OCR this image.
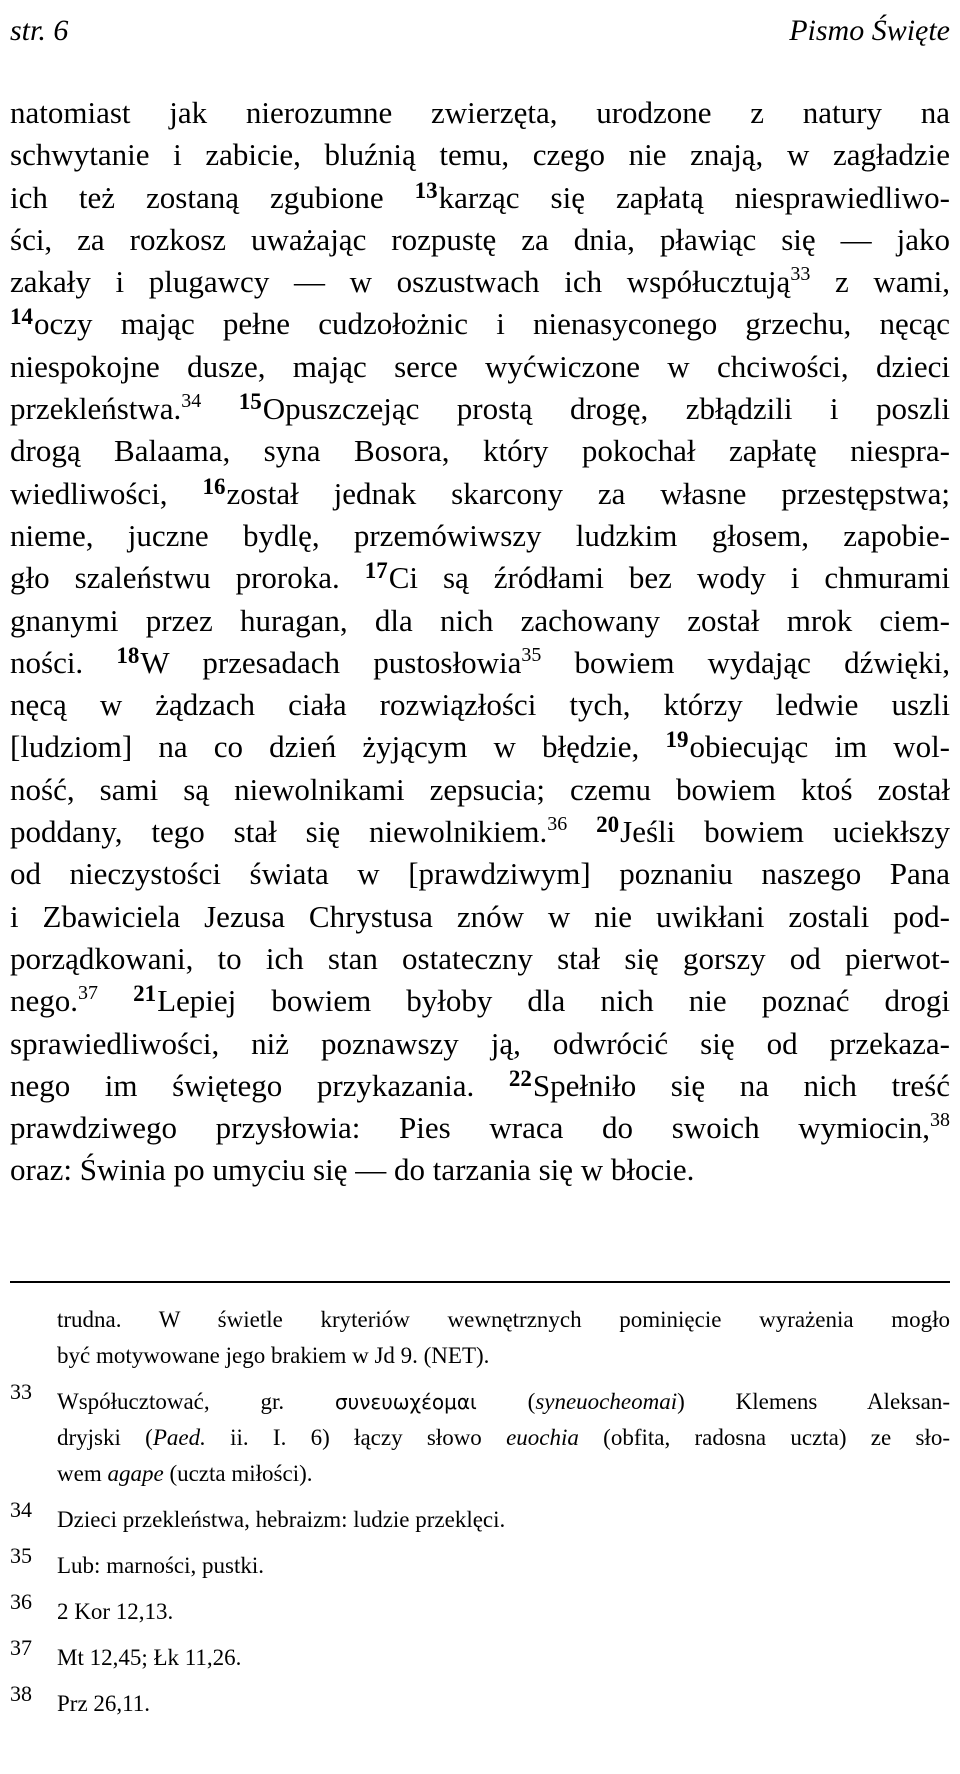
str. 6	Pismo Święte
natomiast jak nierozumne zwierzęta, urodzone z natury na
schwytanie i zabicie, bluźnią temu, czego nie znają, w zagładzie
ich też zostaną zgubione $^{13}$karząc się zapłatą niesprawiedliwo-
ści, za rozkosz uważając rozpustę za dnia, pławiąc się — jako
zakały i plugawcy — w oszustwach ich współucztują$^{33}$ z wami,
$^{14}$oczy mając pełne cudzołożnic i nienasyconego grzechu, nęcąc
niespokojne dusze, mając serce wyćwiczone w chciwości, dzieci
przekleństwa.$^{34}$ $^{15}$Opuszczejąc prostą drogę, zbłądzili i poszli
drogą Balaama, syna Bosora, który pokochał zapłatę niespra-
wiedliwości, $^{16}$został jednak skarcony za własne przestępstwa;
nieme, juczne bydlę, przemówiwszy ludzkim głosem, zapobie-
gło szaleństwu proroka. $^{17}$Ci są źródłami bez wody i chmurami
gnanymi przez huragan, dla nich zachowany został mrok ciem-
ności. $^{18}$W przesadach pustosłowia$^{35}$ bowiem wydając dźwięki,
nęcą w żądzach ciała rozwiązłości tych, którzy ledwie uszli
[ludziom] na co dzień żyjącym w błędzie, $^{19}$obiecując im wol-
ność, sami są niewolnikami zepsucia; czemu bowiem ktoś został
poddany, tego stał się niewolnikiem.$^{36}$ $^{20}$Jeśli bowiem uciekłszy
od nieczystości świata w [prawdziwym] poznaniu naszego Pana
i Zbawiciela Jezusa Chrystusa znów w nie uwikłani zostali pod-
porządkowani, to ich stan ostateczny stał się gorszy od pierwot-
nego.$^{37}$ $^{21}$Lepiej bowiem byłoby dla nich nie poznać drogi
sprawiedliwości, niż poznawszy ją, odwrócić się od przekaza-
nego im świętego przykazania. $^{22}$Spełniło się na nich treść
prawdziwego przysłowia: Pies wraca do swoich wymiocin,$^{38}$
oraz: Świnia po umyciu się — do tarzania się w błocie.
trudna. W świetle kryteriów wewnętrznych pominięcie wyrażenia mogło
być motywowane jego brakiem w Jd 9. (NET).
33 Współucztować, gr. συνευωχέομαι (syneuocheomai) Klemens Aleksan-
dryjski (Paed. ii. I. 6) łączy słowo euochia (obfita, radosna uczta) ze sło-
wem agape (uczta miłości).
34 Dzieci przekleństwa, hebraizm: ludzie przeklęci.
35 Lub: marności, pustki.
36 2 Kor 12,13.
37 Mt 12,45; Łk 11,26.
38 Prz 26,11.
